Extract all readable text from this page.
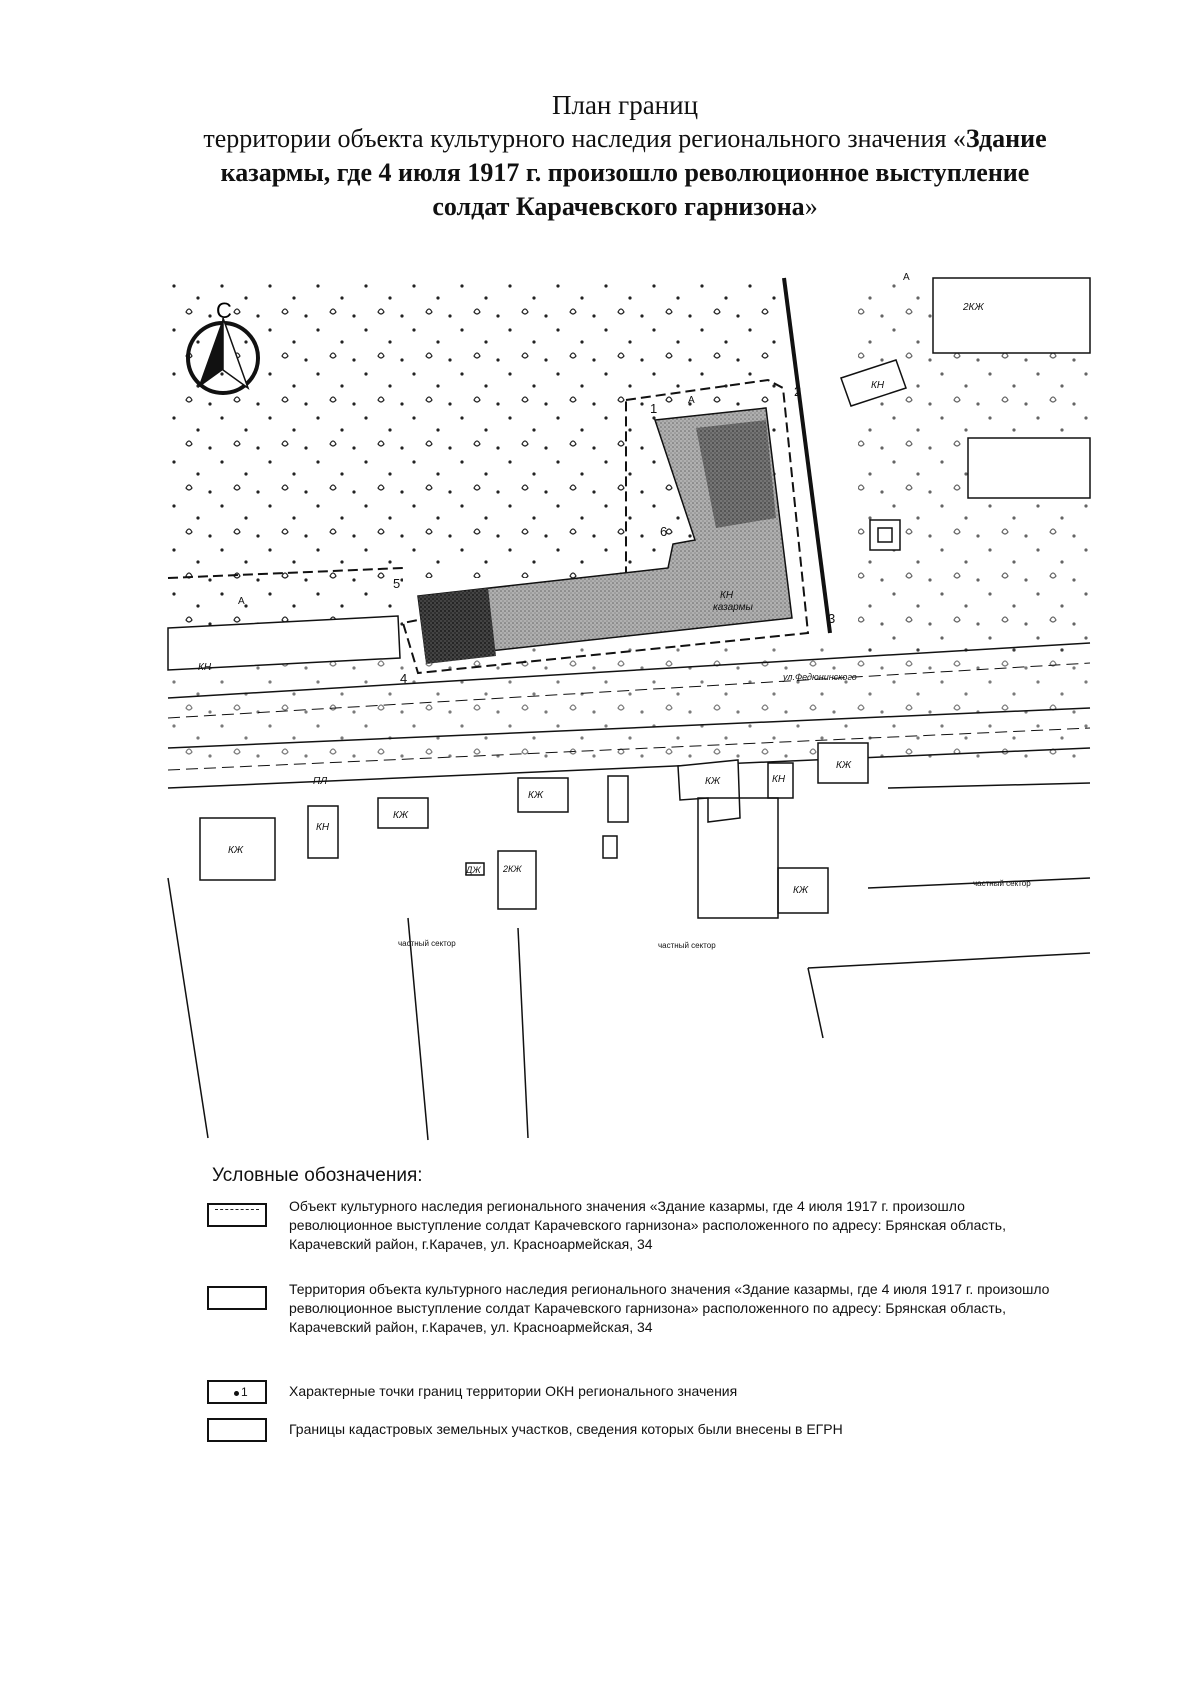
План границ
территории объекта культурного наследия регионального значения «Здание
казармы, где 4 июля 1917 г. произошло революционное выступление
солдат Карачевского гарнизона»
С
1
2
3
4
5
6
КН
казармы
ул.Федюнинского
КН
2КЖ
КН
КЖ
КН
КЖ
ДЖ 2КЖ
КЖ
КЖ	КН
КЖ
КЖ
ПЛ
А
А
А
частный сектор	частный сектор
частный сектор
Условные обозначения:
Объект культурного наследия регионального значения «Здание казармы, где 4 июля 1917 г. произошло революционное выступление солдат Карачевского гарнизона» расположенного по адресу: Брянская область, Карачевский район, г.Карачев, ул. Красноармейская, 34
Территория объекта культурного наследия регионального значения «Здание казармы, где 4 июля 1917 г. произошло революционное выступление солдат Карачевского гарнизона» расположенного по адресу: Брянская область, Карачевский район, г.Карачев, ул. Красноармейская, 34
1	Характерные точки границ территории ОКН регионального значения
Границы кадастровых земельных участков, сведения которых были внесены в ЕГРН
